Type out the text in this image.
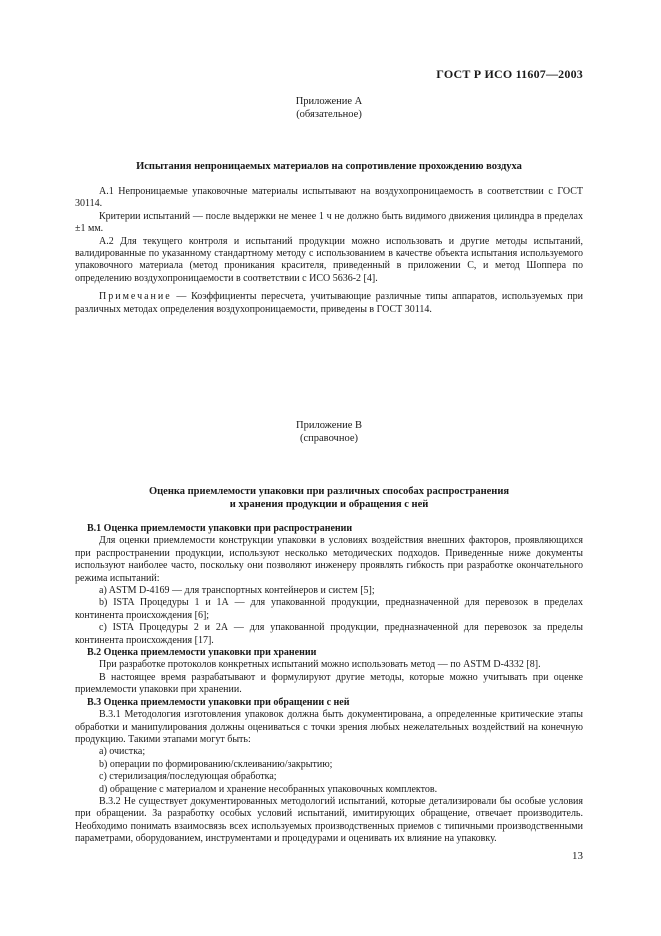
ГОСТ Р ИСО 11607—2003
Приложение А
(обязательное)
Испытания непроницаемых материалов на сопротивление прохождению воздуха

А.1 Непроницаемые упаковочные материалы испытывают на воздухопроницаемость в соответствии с ГОСТ 30114.

Критерии испытаний — после выдержки не менее 1 ч не должно быть видимого движения цилиндра в пределах ±1 мм.

А.2 Для текущего контроля и испытаний продукции можно использовать и другие методы испытаний, валидированные по указанному стандартному методу с использованием в качестве объекта испытания используемого упаковочного материала (метод проникания красителя, приведенный в приложении С, и метод Шоппера по определению воздухопроницаемости в соответствии с ИСО 5636-2 [4].

Примечание — Коэффициенты пересчета, учитывающие различные типы аппаратов, используемых при различных методах определения воздухопроницаемости, приведены в ГОСТ 30114.

Приложение В
(справочное)
Оценка приемлемости упаковки при различных способах распространения
и хранения продукции и обращения с ней

В.1 Оценка приемлемости упаковки при распространении

Для оценки приемлемости конструкции упаковки в условиях воздействия внешних факторов, проявляющихся при распространении продукции, используют несколько методических подходов. Приведенные ниже документы используют наиболее часто, поскольку они позволяют инженеру проявлять гибкость при разработке окончательного режима испытаний:

a) ASTM D-4169 — для транспортных контейнеров и систем [5];

b) ISTA Процедуры 1 и 1А — для упакованной продукции, предназначенной для перевозок в пределах континента происхождения [6];

c) ISTA Процедуры 2 и 2А — для упакованной продукции, предназначенной для перевозок за пределы континента происхождения [17].

В.2 Оценка приемлемости упаковки при хранении

При разработке протоколов конкретных испытаний можно использовать метод — по ASTM D-4332 [8].

В настоящее время разрабатывают и формулируют другие методы, которые можно учитывать при оценке приемлемости упаковки при хранении.

В.3 Оценка приемлемости упаковки при обращении с ней

В.3.1 Методология изготовления упаковок должна быть документирована, а определенные критические этапы обработки и манипулирования должны оцениваться с точки зрения любых нежелательных воздействий на конечную продукцию. Такими этапами могут быть:

a) очистка;

b) операции по формированию/склеиванию/закрытию;

c) стерилизация/последующая обработка;

d) обращение с материалом и хранение несобранных упаковочных комплектов.

В.3.2 Не существует документированных методологий испытаний, которые детализировали бы особые условия при обращении. За разработку особых условий испытаний, имитирующих обращение, отвечает производитель. Необходимо понимать взаимосвязь всех используемых производственных приемов с типичными производственными параметрами, оборудованием, инструментами и процедурами и оценивать их влияние на упаковку.

13
